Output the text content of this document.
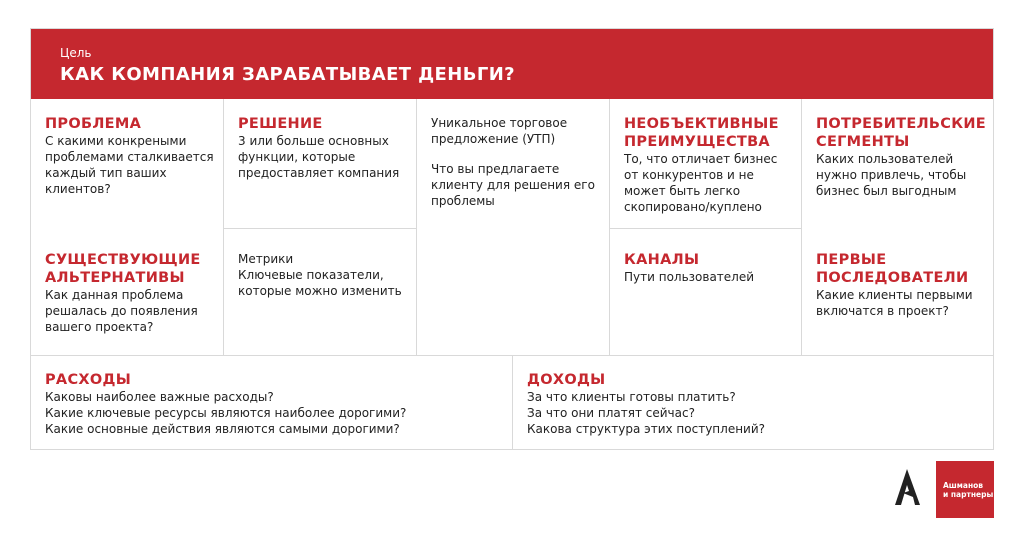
Цель
КАК КОМПАНИЯ ЗАРАБАТЫВАЕТ ДЕНЬГИ?
ПРОБЛЕМА
С какими конкреными проблемами сталкивается каждый тип ваших клиентов?
СУЩЕСТВУЮЩИЕ АЛЬТЕРНАТИВЫ
Как данная проблема решалась до появления вашего проекта?
РЕШЕНИЕ
3 или больше основных функции, которые предоставляет компания
Метрики
Ключевые показатели, которые можно изменить
Уникальное торговое предложение (УТП)
Что вы предлагаете клиенту для решения его проблемы
НЕОБЪЕКТИВНЫЕ ПРЕИМУЩЕСТВА
То, что отличает бизнес от конкурентов и не может быть легко скопировано/куплено
КАНАЛЫ
Пути пользователей
ПОТРЕБИТЕЛЬСКИЕ СЕГМЕНТЫ
Каких пользователей нужно привлечь, чтобы бизнес был выгодным
ПЕРВЫЕ ПОСЛЕДОВАТЕЛИ
Какие клиенты первыми включатся в проект?
РАСХОДЫ
Каковы наиболее важные расходы?
Какие ключевые ресурсы являются наиболее дорогими?
Какие основные действия являются самыми дорогими?
ДОХОДЫ
За что клиенты готовы платить?
За что они платят сейчас?
Какова структура этих поступлений?
Ашманов
и партнеры
